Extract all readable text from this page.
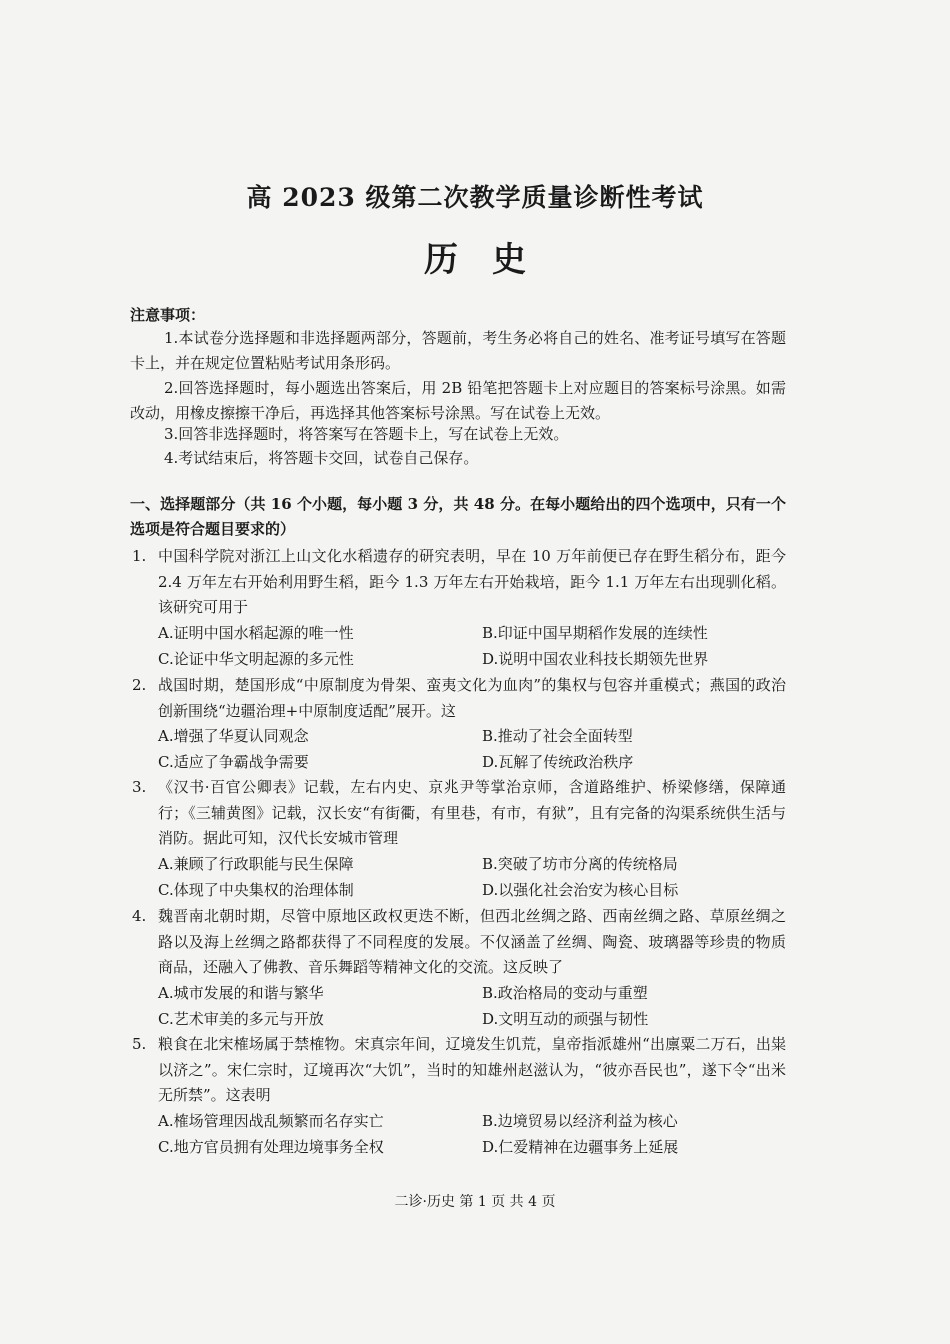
高 2023 级第二次教学质量诊断性考试
历史
注意事项：
1.本试卷分选择题和非选择题两部分，答题前，考生务必将自己的姓名、准考证号填写在答题卡上，并在规定位置粘贴考试用条形码。
2.回答选择题时，每小题选出答案后，用 2B 铅笔把答题卡上对应题目的答案标号涂黑。如需改动，用橡皮擦擦干净后，再选择其他答案标号涂黑。写在试卷上无效。
3.回答非选择题时，将答案写在答题卡上，写在试卷上无效。
4.考试结束后，将答题卡交回，试卷自己保存。
一、选择题部分（共 16 个小题，每小题 3 分，共 48 分。在每小题给出的四个选项中，只有一个选项是符合题目要求的）
1. 中国科学院对浙江上山文化水稻遗存的研究表明，早在 10 万年前便已存在野生稻分布，距今 2.4 万年左右开始利用野生稻，距今 1.3 万年左右开始栽培，距今 1.1 万年左右出现驯化稻。该研究可用于
A.证明中国水稻起源的唯一性	B.印证中国早期稻作发展的连续性
C.论证中华文明起源的多元性	D.说明中国农业科技长期领先世界
2. 战国时期，楚国形成“中原制度为骨架、蛮夷文化为血肉”的集权与包容并重模式；燕国的政治创新围绕“边疆治理+中原制度适配”展开。这
A.增强了华夏认同观念	B.推动了社会全面转型
C.适应了争霸战争需要	D.瓦解了传统政治秩序
3. 《汉书·百官公卿表》记载，左右内史、京兆尹等掌治京师，含道路维护、桥梁修缮，保障通行；《三辅黄图》记载，汉长安“有街衢，有里巷，有市，有狱”，且有完备的沟渠系统供生活与消防。据此可知，汉代长安城市管理
A.兼顾了行政职能与民生保障	B.突破了坊市分离的传统格局
C.体现了中央集权的治理体制	D.以强化社会治安为核心目标
4. 魏晋南北朝时期，尽管中原地区政权更迭不断，但西北丝绸之路、西南丝绸之路、草原丝绸之路以及海上丝绸之路都获得了不同程度的发展。不仅涵盖了丝绸、陶瓷、玻璃器等珍贵的物质商品，还融入了佛教、音乐舞蹈等精神文化的交流。这反映了
A.城市发展的和谐与繁华	B.政治格局的变动与重塑
C.艺术审美的多元与开放	D.文明互动的顽强与韧性
5. 粮食在北宋榷场属于禁榷物。宋真宗年间，辽境发生饥荒，皇帝指派雄州“出廪粟二万石，出粜以济之”。宋仁宗时，辽境再次“大饥”，当时的知雄州赵滋认为，“彼亦吾民也”，遂下令“出米无所禁”。这表明
A.榷场管理因战乱频繁而名存实亡	B.边境贸易以经济利益为核心
C.地方官员拥有处理边境事务全权	D.仁爱精神在边疆事务上延展
二诊·历史 第 1 页 共 4 页
